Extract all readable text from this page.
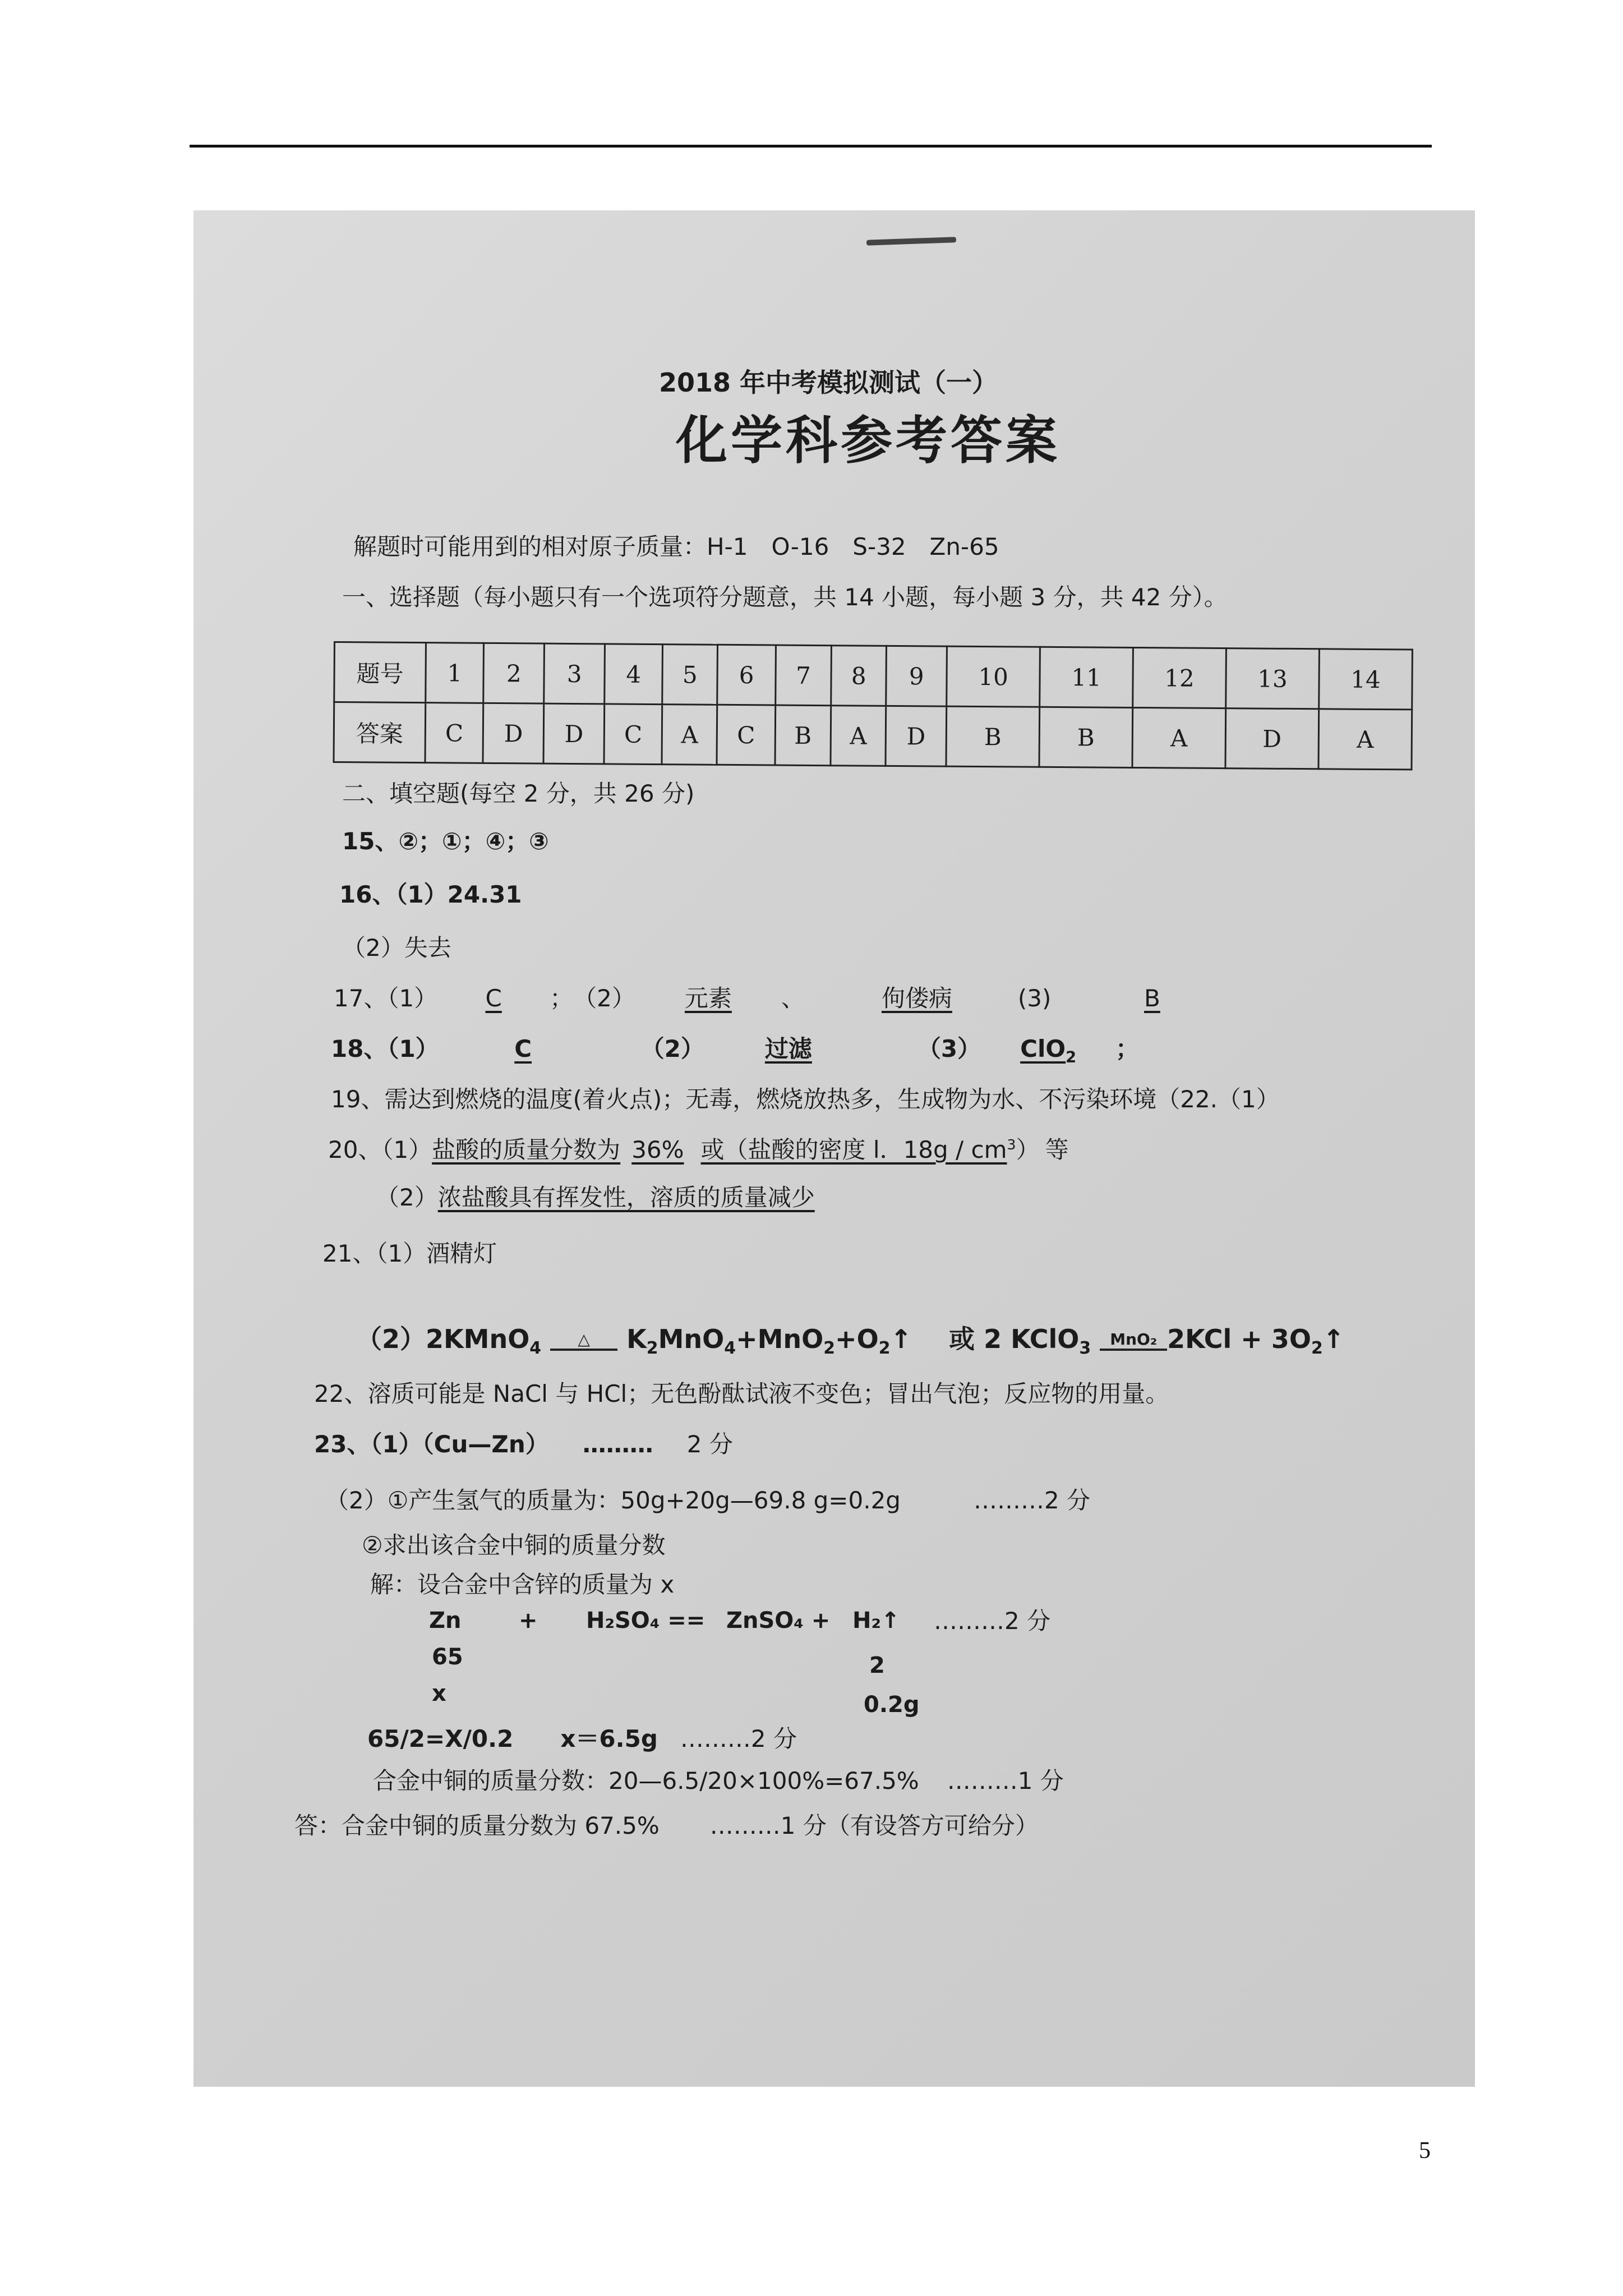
2018 年中考模拟测试（一）
化学科参考答案
解题时可能用到的相对原子质量：H-1　O-16　S-32　Zn-65
一、选择题（每小题只有一个选项符分题意，共 14 小题，每小题 3 分，共 42 分）。
题号	1	2	3	4	5	6	7	8	9	10	11	12	13	14
答案	C	D	D	C	A	C	B	A	D	B	B	A	D	A
二、填空题(每空 2 分，共 26 分)
15、②；①；④；③
16、（1）24.31
（2）失去
17、（1） C ；　（2） 元素 、	佝偻病	(3)	B
18、（1）	C	（2）	过滤	（3） ClO$_2$ ；
19、需达到燃烧的温度(着火点)；无毒，燃烧放热多，生成物为水、不污染环境（22.（1）
20、（1）盐酸的质量分数为 36% 或（盐酸的密度 l．$18g / cm^3$） 等
（2）浓盐酸具有挥发性，溶质的质量减少
21、（1）酒精灯
（2）2KMnO$_4$	△	$K_2MnO_4+MnO_2+O_2↑$ 或 2 KClO$_3$	MnO₂ $2KCl + 3O_2↑$
22、溶质可能是 NaCl 与 HCl；无色酚酞试液不变色；冒出气泡；反应物的用量。
23、（1）（Cu—Zn） ……… 2 分
（2）①产生氢气的质量为：50g+20g—69.8 g=0.2g	………2 分
②求出该合金中铜的质量分数
解：设合金中含锌的质量为 x
Zn	+ H₂SO₄ == ZnSO₄ + H₂↑ ………2 分
65	2
x	0.2g
65/2=X/0.2　　x＝6.5g ………2 分
合金中铜的质量分数：20—6.5/20×100%=67.5% ………1 分
答：合金中铜的质量分数为 67.5% ………1 分（有设答方可给分）
5
